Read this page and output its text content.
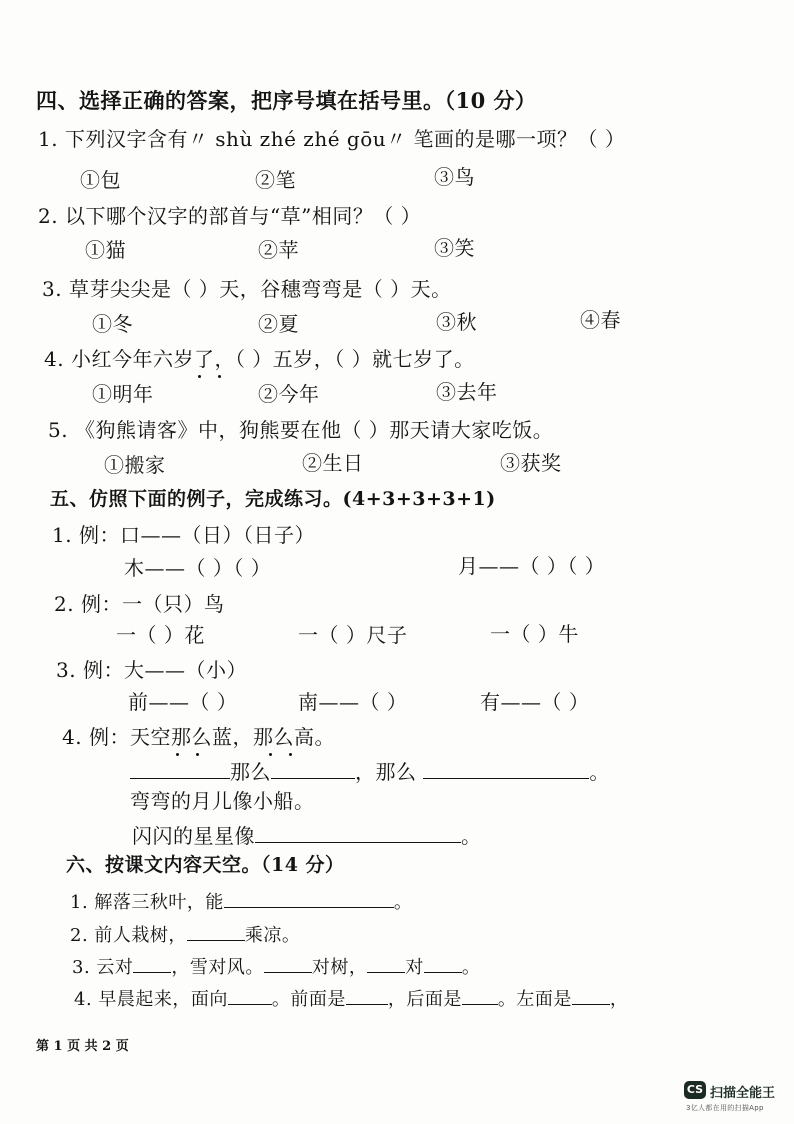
四、选择正确的答案，把序号填在括号里。（10 分）
1. 下列汉字含有〃 shù zhé zhé gōu〃 笔画的是哪一项？（ ）
①包	②笔	③鸟
2. 以下哪个汉字的部首与“草”相同？（ ）
①猫	②苹	③笑
3. 草芽尖尖是（ ）天，谷穗弯弯是（ ）天。
①冬	②夏	③秋	④春
4. 小红今年六岁了，（ ）五岁，（ ）就七岁了。
①明年	②今年	③去年
5. 《狗熊请客》中，狗熊要在他（ ）那天请大家吃饭。
①搬家	②生日	③获奖
五、仿照下面的例子，完成练习。(4+3+3+3+1)
1. 例：口——（日）（日子）
木——（ ）（ ）	月——（ ）（ ）
2. 例：一（只）鸟
一（ ）花	一（ ）尺子	一（ ）牛
3. 例：大——（小）
前——（ ）	南——（ ）	有——（ ）
4. 例：天空那么蓝，那么高。
那么	，那么	。
弯弯的月儿像小船。
闪闪的星星像	。
六、按课文内容天空。（14 分）
1. 解落三秋叶，能	。
2. 前人栽树，	乘凉。
3. 云对 ，雪对风。	对树， 对 。
4. 早晨起来，面向 。前面是 ，后面是 。左面是 ，
第 1 页 共 2 页
CS 扫描全能王
3亿人都在用的扫描App
